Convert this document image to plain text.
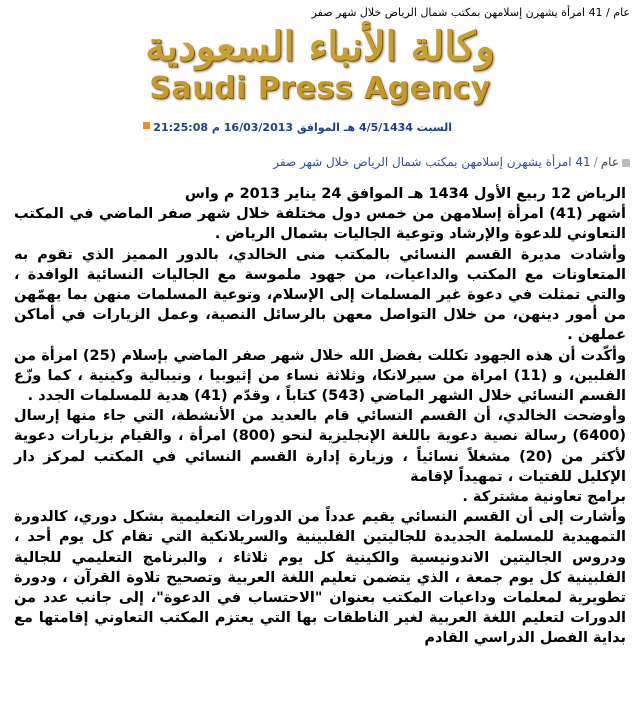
عام / 41 امرأة يشهرن إسلامهن بمكتب شمال الرياض خلال شهر صفر
وكالة الأنباء السعودية
Saudi Press Agency
السبت 4/5/1434 هـ الموافق 16/03/2013 م 21:25:08
عام/41 امرأة يشهرن إسلامهن بمكتب شمال الرياض خلال شهر صفر

الرياض 12 ربيع الأول 1434 هـ الموافق 24 يناير 2013 م واس

أشهر (41) امرأة إسلامهن من خمس دول مختلفة خلال شهر صفر الماضي في المكتب التعاوني للدعوة والإرشاد وتوعية الجاليات بشمال الرياض .

وأشادت مديرة القسم النسائي بالمكتب منى الخالدي، بالدور المميز الذي تقوم به المتعاونات مع المكتب والداعيات، من جهود ملموسة مع الجاليات النسائية الوافدة ، والتي تمثلت في دعوة غير المسلمات إلى الإسلام، وتوعية المسلمات منهن بما يهمّهن من أمور دينهن، من خلال التواصل معهن بالرسائل النصية، وعمل الزيارات في أماكن عملهن .

وأكّدت أن هذه الجهود تكللت بفضل الله خلال شهر صفر الماضي بإسلام (25) امرأة من الفلبين، و (11) امراة من سيرلانكا، وثلاثة نساء من إثيوبيا ، ونيبالية وكينية ، كما وزّع القسم النسائي خلال الشهر الماضي (543) كتاباً ، وقدّم (41) هدية للمسلمات الجدد .

وأوضحت الخالدي، أن القسم النسائي قام بالعديد من الأنشطة، التي جاء منها إرسال (6400) رسالة نصية دعوية باللغة الإنجليزية لنحو (800) امرأة ، والقيام بزيارات دعوية لأكثر من (20) مشغلاً نسائياً ، وزيارة إدارة القسم النسائي في المكتب لمركز دار الإكليل للفتيات ، تمهيداً لإقامة

برامج تعاونية مشتركة .

وأشارت إلى أن القسم النسائي يقيم عدداً من الدورات التعليمية بشكل دوري، كالدورة التمهيدية للمسلمة الجديدة للجاليتين الفلبينية والسريلانكية التي تقام كل يوم أحد ، ودروس الجاليتين الاندونيسية والكينية كل يوم ثلاثاء ، والبرنامج التعليمي للجالية الفلبينية كل يوم جمعة ، الذي يتضمن تعليم اللغة العربية وتصحيح تلاوة القرآن ، ودورة تطويرية لمعلمات وداعيات المكتب بعنوان "الاحتساب في الدعوة"، إلى جانب عدد من الدورات لتعليم اللغة العربية لغير الناطقات بها التي يعتزم المكتب التعاوني إقامتها مع بداية الفصل الدراسي القادم
